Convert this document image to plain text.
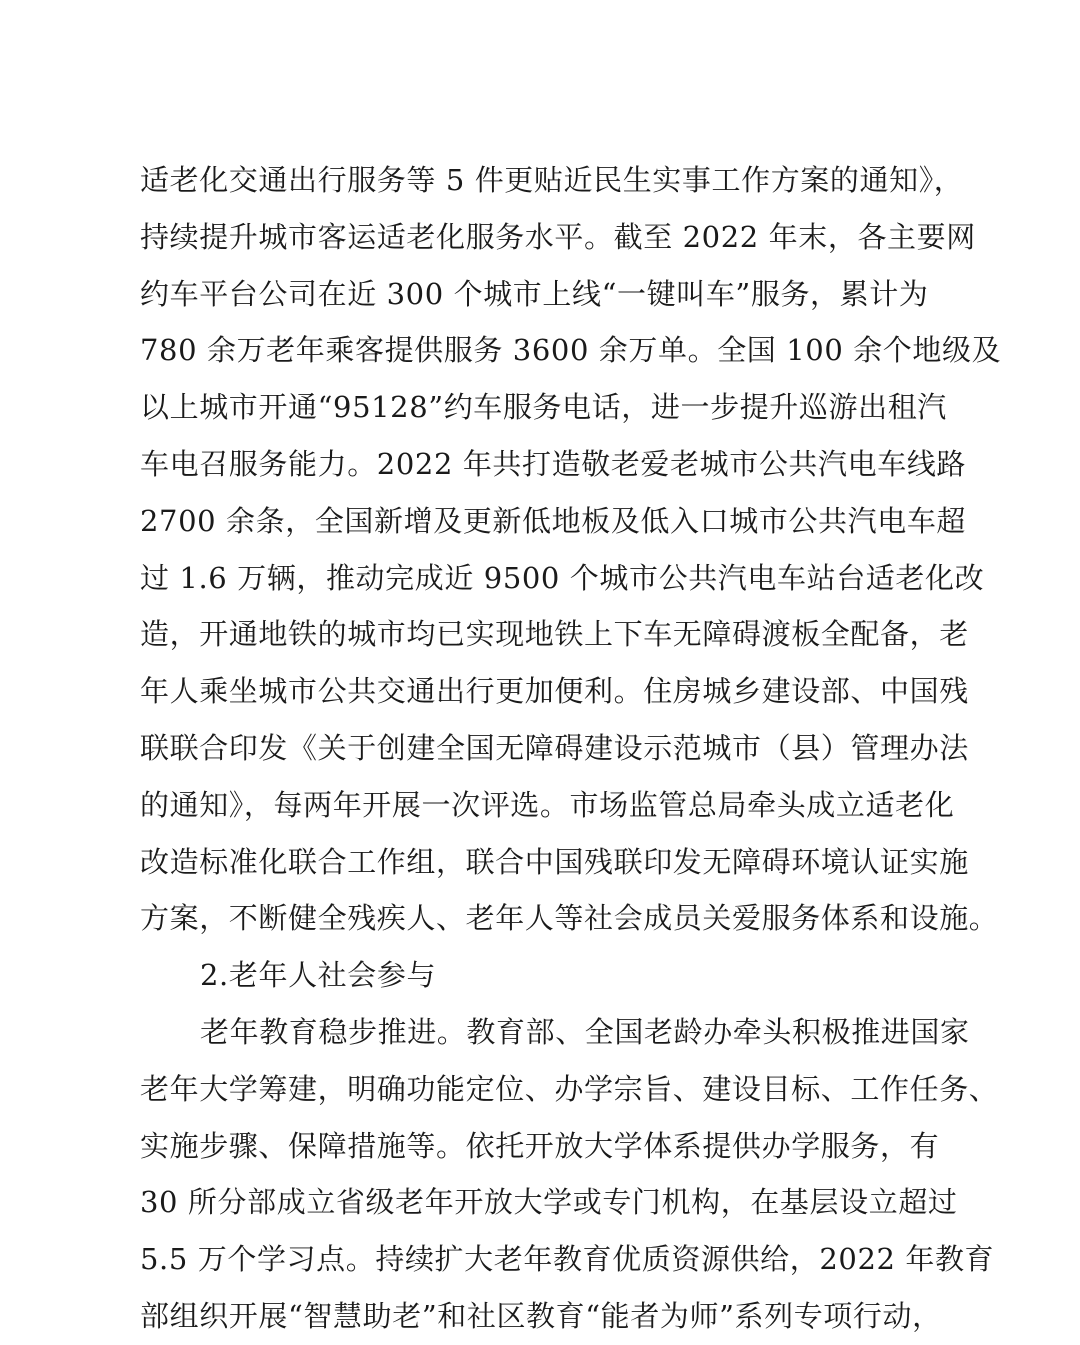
适老化交通出行服务等 5 件更贴近民生实事工作方案的通知》，
持续提升城市客运适老化服务水平。截至 2022 年末，各主要网
约车平台公司在近 300 个城市上线“一键叫车”服务，累计为
780 余万老年乘客提供服务 3600 余万单。全国 100 余个地级及
以上城市开通“95128”约车服务电话，进一步提升巡游出租汽
车电召服务能力。2022 年共打造敬老爱老城市公共汽电车线路
2700 余条，全国新增及更新低地板及低入口城市公共汽电车超
过 1.6 万辆，推动完成近 9500 个城市公共汽电车站台适老化改
造，开通地铁的城市均已实现地铁上下车无障碍渡板全配备，老
年人乘坐城市公共交通出行更加便利。住房城乡建设部、中国残
联联合印发《关于创建全国无障碍建设示范城市（县）管理办法
的通知》，每两年开展一次评选。市场监管总局牵头成立适老化
改造标准化联合工作组，联合中国残联印发无障碍环境认证实施
方案，不断健全残疾人、老年人等社会成员关爱服务体系和设施。
2.老年人社会参与
老年教育稳步推进。教育部、全国老龄办牵头积极推进国家
老年大学筹建，明确功能定位、办学宗旨、建设目标、工作任务、
实施步骤、保障措施等。依托开放大学体系提供办学服务，有
30 所分部成立省级老年开放大学或专门机构，在基层设立超过
5.5 万个学习点。持续扩大老年教育优质资源供给，2022 年教育
部组织开展“智慧助老”和社区教育“能者为师”系列专项行动，
